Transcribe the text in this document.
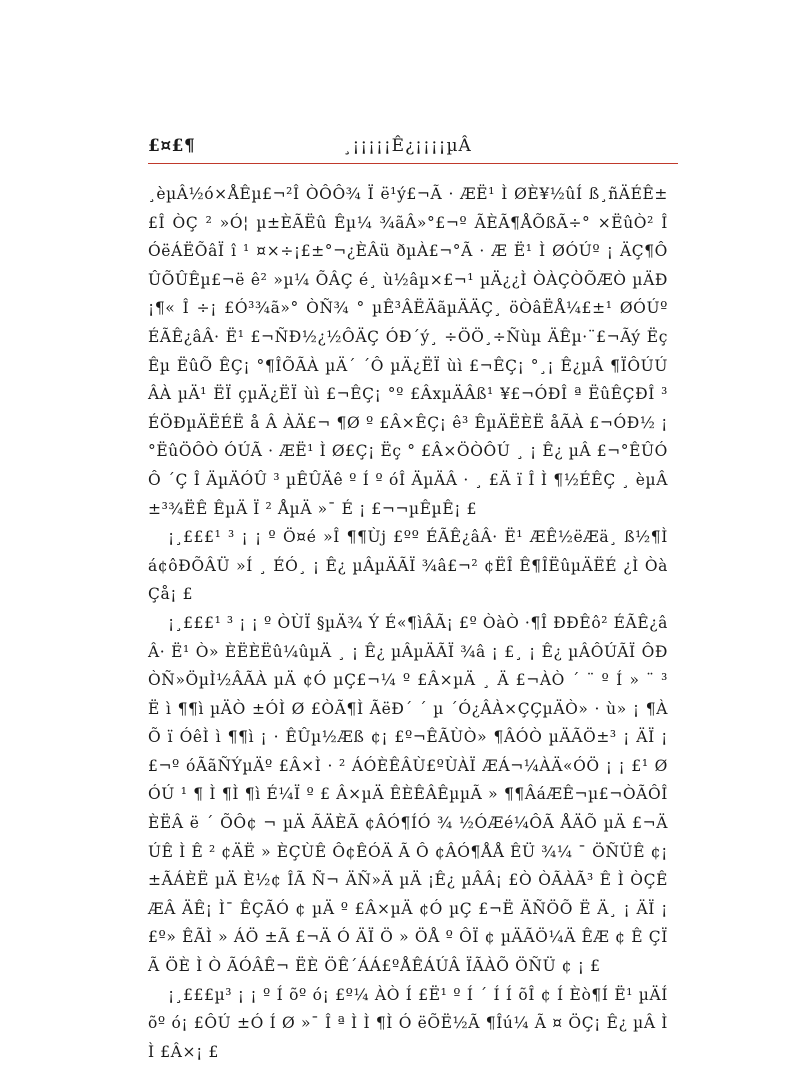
£¤£¶	¸¡¡¡¡¡Ê¿¡¡¡¡µÂ

¸èµÂ½ó×ÅÊµ£¬²Î ÒÔÔ¾ Ï ë¹ý£¬Ã · ÆË¹ Ì ØÈ¥½ûÍ ß¸ñÄÉÊ±£Î ÒÇ ² »Ó¦ µ±ÈÃËû Êµ¼ ¾ãÂ»°£¬º ÃÈÃ¶ÅÕßÃ÷° ×ËûÒ² Î ÓëÁËÕâÏ î ¹ ¤×÷¡£±°¬¿ÈÂü ðµÀ£¬°Ã · Æ Ë¹ Ì ØÓÚº ¡ ÄÇ¶Ô ÛÕÛÊµ£¬ë ê² »µ¼ ÕÂÇ é¸ ù½âµ×£¬¹ µÄ¿¿Ì ÒÀÇÒÕÆÒ µÄÐ¡¶« Î ÷¡ £Ó³¾ã»° ÒÑ¾ ° µÊ³ÂËÄãµÄÄÇ¸ öÒâËÅ¼£±¹ ØÓÚº ÉÃÊ¿âÂ· Ë¹ £¬ÑÐ½¿½ÔÄÇ ÓÐ´ý¸ ÷ÖÖ¸÷Ñùµ ÄÊµ·¨£¬Ãý Ëç Êµ ËûÕ ÊÇ¡ °¶ÎÕÃÀ µÄ´ ´Ô µÄ¿ËÏ ùì £¬ÊÇ¡ °¸¡ Ê¿µÂ ¶ÏÔÚÚÂÀ µÄ¹ ËÏ çµÄ¿ËÏ ùì £¬ÊÇ¡ °º £ÂxµÄÂß¹ ¥£¬ÓÐÎ ª ËûÊÇÐÎ ³ ÉÖÐµÄËÉË å Â ÀÄ£¬ ¶Ø º £Â×ÊÇ¡ ê³ ÊµÄËÈË åÃÀ £¬ÓÐ½ ¡ °ËûÖÔÒ ÓÚÃ · ÆË¹ Ì Ø£Ç¡ Ëç ° £Â×ÖÒÔÚ ¸ ¡ Ê¿ µÂ £¬°ÊÛÓ Ô ´Ç Î ÄµÄÓÛ ³ µÊÛÄê º Í º óÎ ÄµÄÂ · ¸ £Ä ï Î Ì ¶½ÉÊÇ ¸ èµÂ±³¾ËÊ ÊµÄ Ï ² ÅµÄ »¯ É ¡ £¬¬µÊµÊ¡ £

¡¸£££¹ ³ ¡ ¡ º Ö¤é »Î ¶¶Ùj £ºº ÉÃÊ¿âÂ· Ë¹ ÆÊ½ëÆä¸ ß½¶Ìá¢ôÐÕÂÜ »Í ¸ ÉÓ¸ ¡ Ê¿ µÂµÄÃÏ ¾â£¬² ¢ËÎ Ê¶ÎËûµÄËÉ ¿Ì ÒàÇå¡ £

¡¸£££¹ ³ ¡ ¡ º ÒÙÏ §µÄ¾ Ý É«¶ìÂÃ¡ £º ÒàÒ ·¶Î ÐÐÊô² ÉÃÊ¿âÂ· Ë¹ Ò» ÈËÈËû¼ûµÄ ¸ ¡ Ê¿ µÂµÄÃÏ ¾â ¡ £¸ ¡ Ê¿ µÂÔÚÃÏ ÔÐÒÑ»ÖµÌ½ÂÃÀ µÄ ¢Ó µÇ£¬¼ º £Â×µÄ ¸ Ä £¬ÀÒ ´ ¨ º Í » ¨ ³ Ë ì ¶¶ì µÄÒ ±ÓÌ Ø £ÒÃ¶Ì ÃëÐ´ ´ µ ´Ó¿ÂÀ×ÇÇµÄÒ» · ù» ¡ ¶ÀÕ ï ÓêÌ ì ¶¶ì ¡ · ÊÛµ½Æß ¢¡ £º¬ÊÃÙÒ» ¶ÂÓÒ µÄÃÖ±³ ¡ ÄÏ ¡ £¬º óÃãÑÝµÄº £Â×Ì · ² ÁÓÈÊÂÙ£ºÙÀÏ ÆÁ¬¼ÀÄ«ÓÖ ¡ ¡ £¹ ØÓÚ ¹ ¶ Ì ¶Ì ¶ì É¼Ï º £ Â×µÄ ÊÈÊÂÊµµÃ » ¶¶ÂáÆÊ¬µ£¬ÒÃÔÎ ÈËÂ ë ´ ÕÔ¢ ¬ µÄ ÃÄÈÃ ¢ÂÓ¶ÍÓ ¾ ½ÓÆé¼ÔÃ ÅÄÕ µÄ £¬Ä ÚÊ Ì Ê ² ¢ÄË » ÈÇÙÊ Ô¢ÊÓÄ Ã Ô ¢ÂÓ¶ÅÅ ÊÜ ¾¼ ¯ ÖÑÜÊ ¢¡ ±ÃÁÈË µÄ È½¢ ÎÃ Ñ¬ ÄÑ»Ä µÄ ¡Ê¿ µÂÂ¡ £Ò ÒÃÀÃ³ Ê Ì ÒÇÊÆÂ ÄÊ¡ Ì¯ ÊÇÃÓ ¢ µÄ º £Â×µÄ ¢Ó µÇ £¬Ë ÄÑÖÕ Ë Ä¸ ¡ ÄÏ ¡ £º» ÊÃÌ » ÁÖ ±Ã £¬Ä Ó ÄÏ Ö » ÖÅ º ÔÏ ¢ µÄÃÖ¼Ä ÊÆ ¢ Ê ÇÏ Ã ÖÈ Ì Ò ÃÓÂÊ¬ ËÈ ÖÊ´ÁÁ£ºÅÊÁÚÂ ÏÃÀÕ ÖÑÜ ¢ ¡ £

¡¸£££µ³ ¡ ¡ º Í õº ó¡ £º¼ ÀÒ Í £Ë¹ º Í ´ Í Í õÎ ¢ Í Èò¶Í Ë¹ µÄÍ õº ó¡ £ÔÚ ±Ó Í Ø »¯ Î ª Ì Ì ¶Ì Ó ëÕË½Ã ¶Îú¼ Ã ¤ ÖÇ¡ Ê¿ µÂ Ì Ì £Â×¡ £
